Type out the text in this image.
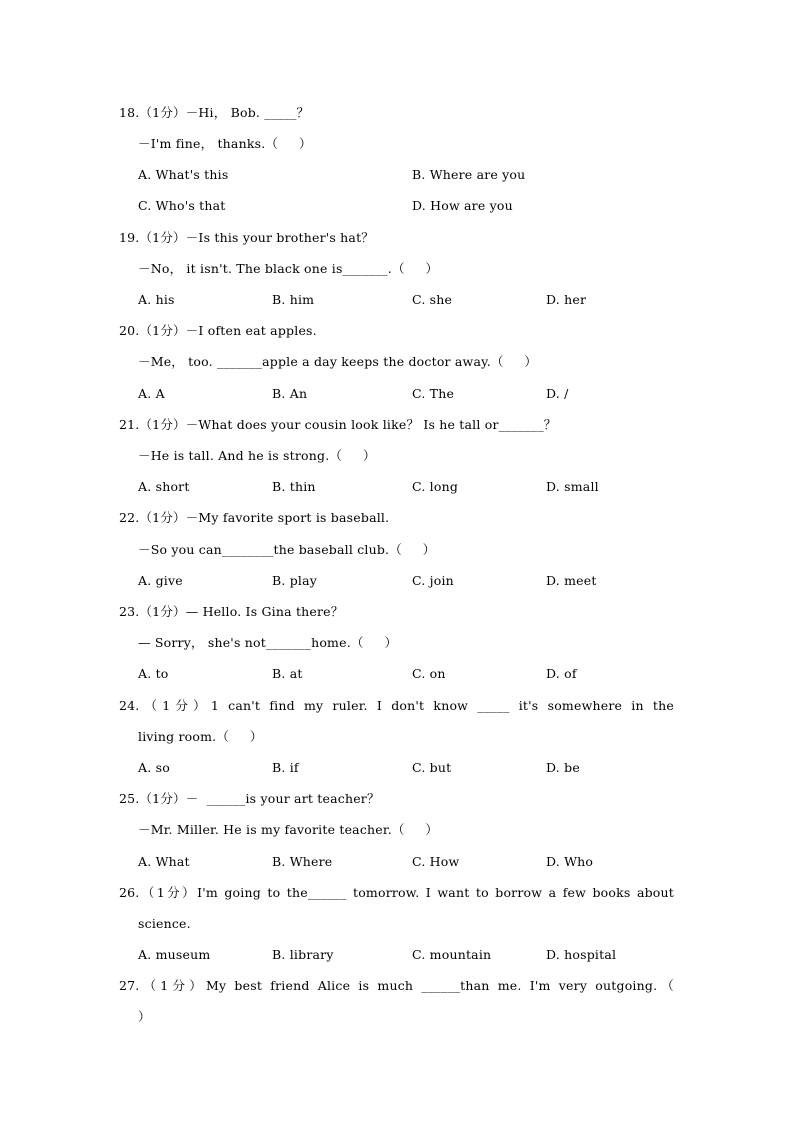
18.（1分）－Hi， Bob. _____？
－I'm fine， thanks.（     ）
A. What's this	B. Where are you
C. Who's that	D. How are you
19.（1分）－Is this your brother's hat？
－No， it isn't. The black one is_______.（     ）
A. his	B. him	C. she	D. her
20.（1分）－I often eat apples.
－Me， too. _______apple a day keeps the doctor away.（     ）
A. A	B. An	C. The	D. /
21.（1分）－What does your cousin look like？ Is he tall or_______？
－He is tall. And he is strong.（     ）
A. short	B. thin	C. long	D. small
22.（1分）－My favorite sport is baseball.
－So you can________the baseball club.（     ）
A. give	B. play	C. join	D. meet
23.（1分）— Hello. Is Gina there？
— Sorry， she's not_______home.（     ）
A. to	B. at	C. on	D. of
24.（1分）1 can't find my ruler. I don't know _____ it's somewhere in the
living room.（     ）
A. so	B. if	C. but	D. be
25.（1分）－  ______is your art teacher？
－Mr. Miller. He is my favorite teacher.（     ）
A. What	B. Where	C. How	D. Who
26.（1分）I'm going to the______ tomorrow. I want to borrow a few books about
science.
A. museum	B. library	C. mountain	D. hospital
27.（1分）My best friend Alice is much ______than me. I'm very outgoing.（
）
